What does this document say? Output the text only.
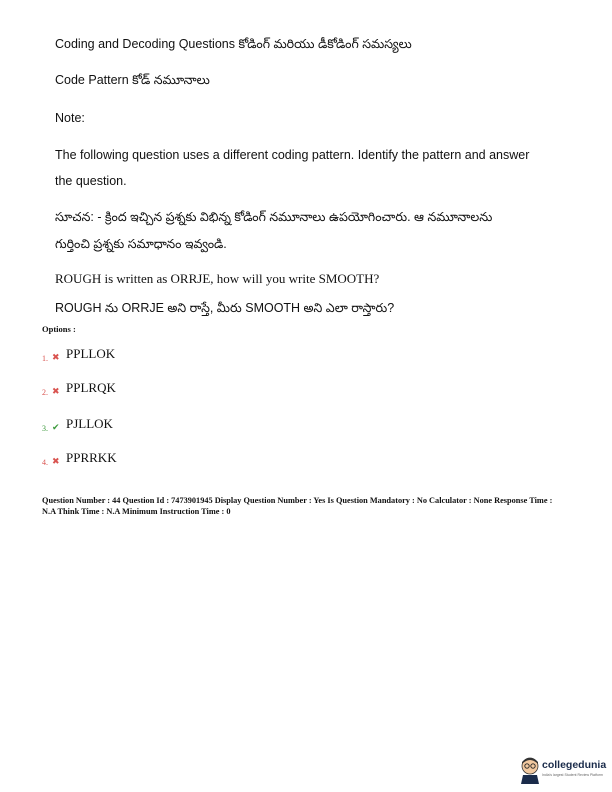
Coding and Decoding Questions కోడింగ్ మరియు డీకోడింగ్ సమస్యలు
Code Pattern కోడ్ నమూనాలు
Note:
The following question uses a different coding pattern. Identify the pattern and answer
the question.
సూచన: - క్రింద ఇచ్చిన ప్రశ్నకు విభిన్న కోడింగ్ నమూనాలు ఉపయోగించారు. ఆ నమూనాలను
గుర్తించి ప్రశ్నకు సమాధానం ఇవ్వండి.
ROUGH is written as ORRJE, how will you write SMOOTH?
ROUGH ను ORRJE అని రాస్తే, మీరు SMOOTH అని ఎలా రాస్తారు?
Options :
1. ✖ PPLLOK
2. ✖ PPLRQK
3. ✔ PJLLOK
4. ✖ PPRRKK
Question Number : 44 Question Id : 7473901945 Display Question Number : Yes Is Question Mandatory : No Calculator : None Response Time : N.A Think Time : N.A Minimum Instruction Time : 0
collegedunia
India's largest Student Review Platform
